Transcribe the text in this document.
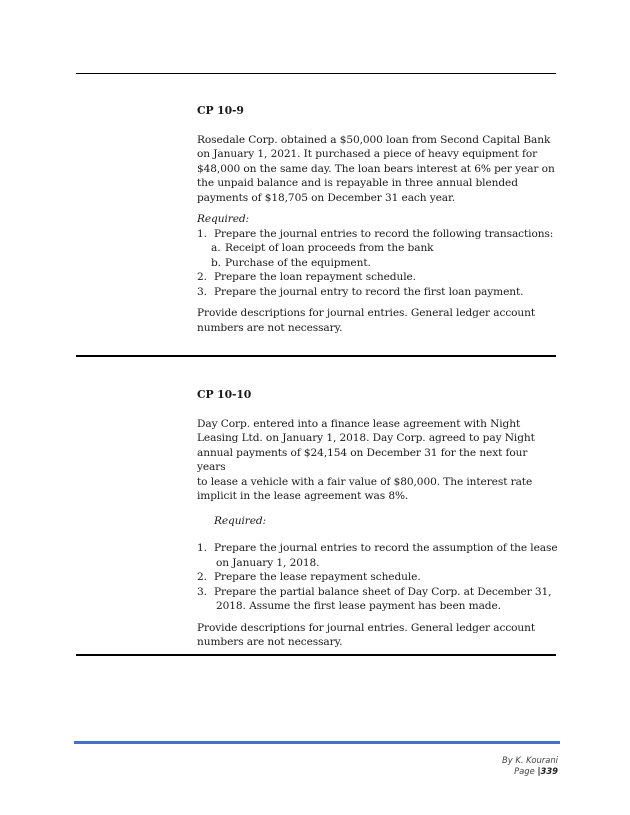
CP 10-9

Rosedale Corp. obtained a $50,000 loan from Second Capital Bank
on January 1, 2021. It purchased a piece of heavy equipment for
$48,000 on the same day. The loan bears interest at 6% per year on
the unpaid balance and is repayable in three annual blended
payments of $18,705 on December 31 each year.

Required:

1. Prepare the journal entries to record the following transactions:
a. Receipt of loan proceeds from the bank
b. Purchase of the equipment.
2. Prepare the loan repayment schedule.
3. Prepare the journal entry to record the first loan payment.
Provide descriptions for journal entries. General ledger account
numbers are not necessary.

CP 10-10

Day Corp. entered into a finance lease agreement with Night
Leasing Ltd. on January 1, 2018. Day Corp. agreed to pay Night
annual payments of $24,154 on December 31 for the next four years
to lease a vehicle with a fair value of $80,000. The interest rate
implicit in the lease agreement was 8%.

Required:

1. Prepare the journal entries to record the assumption of the lease
on January 1, 2018.
2. Prepare the lease repayment schedule.
3. Prepare the partial balance sheet of Day Corp. at December 31,
2018. Assume the first lease payment has been made.
Provide descriptions for journal entries. General ledger account
numbers are not necessary.
By K. Kourani
Page |339
